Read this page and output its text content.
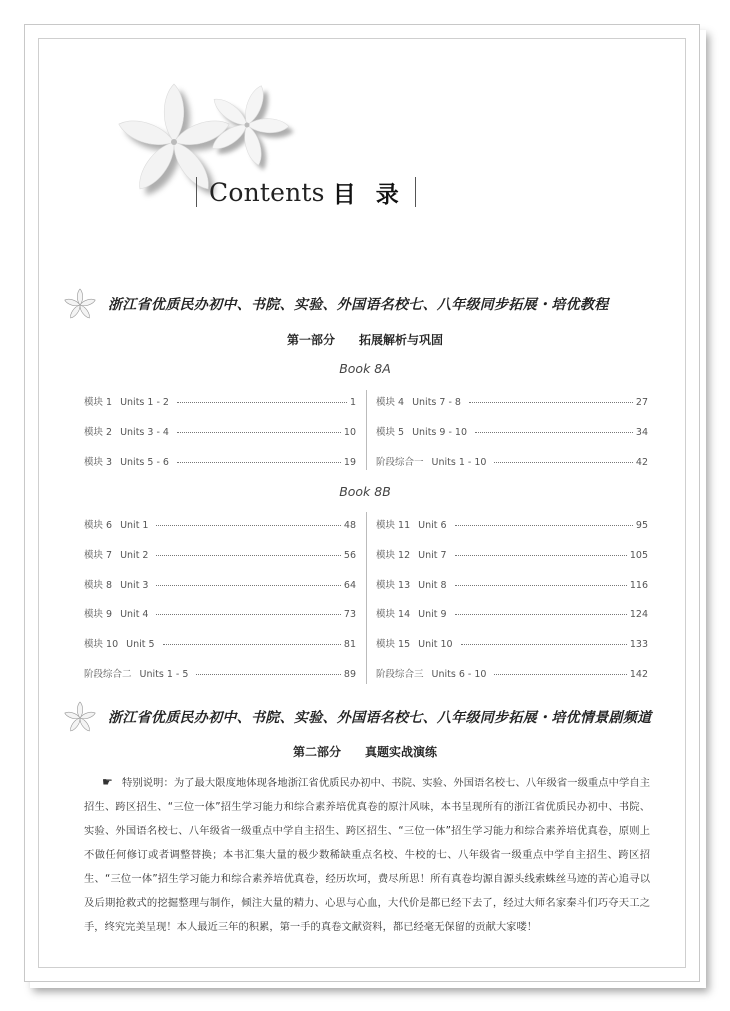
Contents 目 录
浙江省优质民办初中、书院、实验、外国语名校七、八年级同步拓展・培优教程
第一部分 拓展解析与巩固
Book 8A
模块 1 Units 1 - 2	1
模块 2 Units 3 - 4	10
模块 3 Units 5 - 6	19
模块 4 Units 7 - 8	27
模块 5 Units 9 - 10	34
阶段综合一 Units 1 - 10	42
Book 8B
模块 6 Unit 1	48
模块 7 Unit 2	56
模块 8 Unit 3	64
模块 9 Unit 4	73
模块 10 Unit 5	81
阶段综合二 Units 1 - 5	89
模块 11 Unit 6	95
模块 12 Unit 7	105
模块 13 Unit 8	116
模块 14 Unit 9	124
模块 15 Unit 10	133
阶段综合三 Units 6 - 10	142
浙江省优质民办初中、书院、实验、外国语名校七、八年级同步拓展・培优情景剧频道
第二部分 真题实战演练
☛ 特别说明：为了最大限度地体现各地浙江省优质民办初中、书院、实验、外国语名校七、八年级省一级重点中学自主招生、跨区招生、“三位一体”招生学习能力和综合素养培优真卷的原汁风味，本书呈现所有的浙江省优质民办初中、书院、实验、外国语名校七、八年级省一级重点中学自主招生、跨区招生、“三位一体”招生学习能力和综合素养培优真卷，原则上不做任何修订或者调整替换；本书汇集大量的极少数稀缺重点名校、牛校的七、八年级省一级重点中学自主招生、跨区招生、“三位一体”招生学习能力和综合素养培优真卷，经历坎坷，费尽所思！所有真卷均源自源头线索蛛丝马迹的苦心追寻以及后期抢救式的挖掘整理与制作，倾注大量的精力、心思与心血，大代价是都已经下去了，经过大师名家秦斗们巧夺天工之手，终究完美呈现！本人最近三年的积累，第一手的真卷文献资料，都已经毫无保留的贡献大家喽！
